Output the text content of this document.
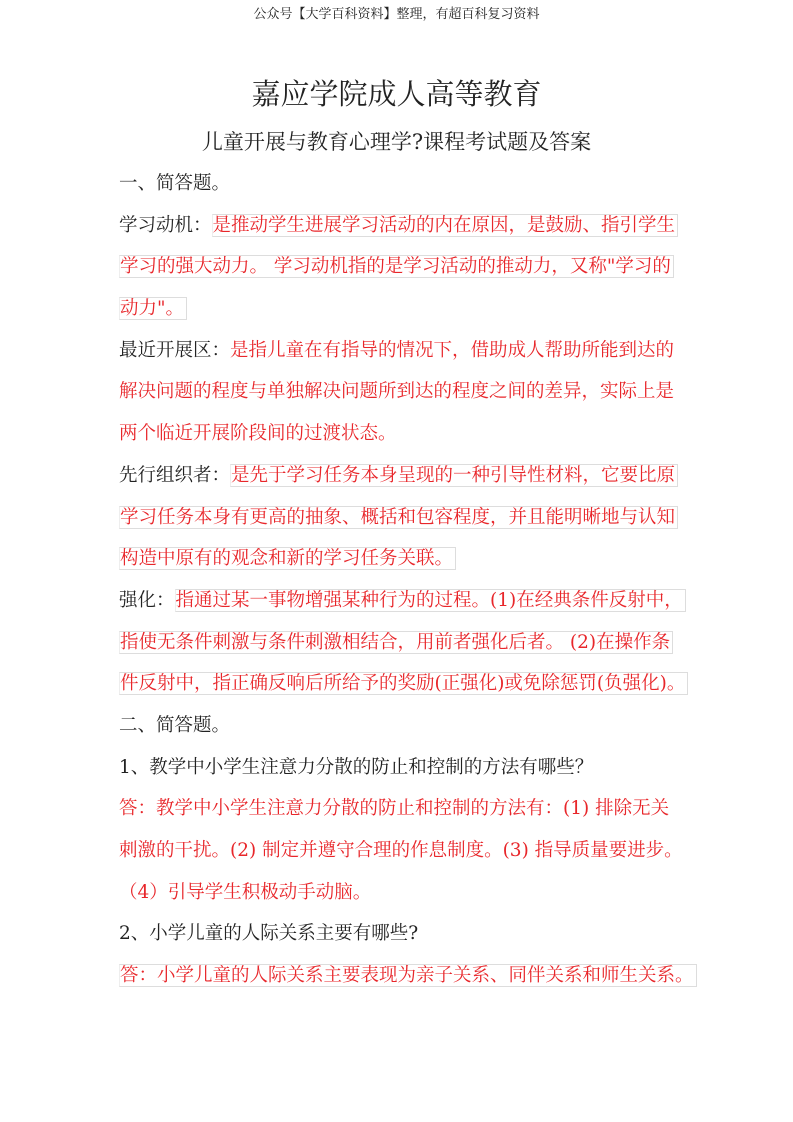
公众号【大学百科资料】整理，有超百科复习资料
嘉应学院成人高等教育
儿童开展与教育心理学?课程考试题及答案
一、简答题。
学习动机：是推动学生进展学习活动的内在原因，是鼓励、指引学生
学习的强大动力。 学习动机指的是学习活动的推动力，又称"学习的
动力"。
最近开展区：是指儿童在有指导的情况下，借助成人帮助所能到达的
解决问题的程度与单独解决问题所到达的程度之间的差异，实际上是
两个临近开展阶段间的过渡状态。
先行组织者：是先于学习任务本身呈现的一种引导性材料，它要比原
学习任务本身有更高的抽象、概括和包容程度，并且能明晰地与认知
构造中原有的观念和新的学习任务关联。
强化：指通过某一事物增强某种行为的过程。(1)在经典条件反射中，
指使无条件刺激与条件刺激相结合，用前者强化后者。 (2)在操作条
件反射中，指正确反响后所给予的奖励(正强化)或免除惩罚(负强化)。
二、简答题。
1、教学中小学生注意力分散的防止和控制的方法有哪些？
答：教学中小学生注意力分散的防止和控制的方法有：(1) 排除无关
刺激的干扰。(2) 制定并遵守合理的作息制度。(3) 指导质量要进步。
（4）引导学生积极动手动脑。
2、小学儿童的人际关系主要有哪些?
答：小学儿童的人际关系主要表现为亲子关系、同伴关系和师生关系。
